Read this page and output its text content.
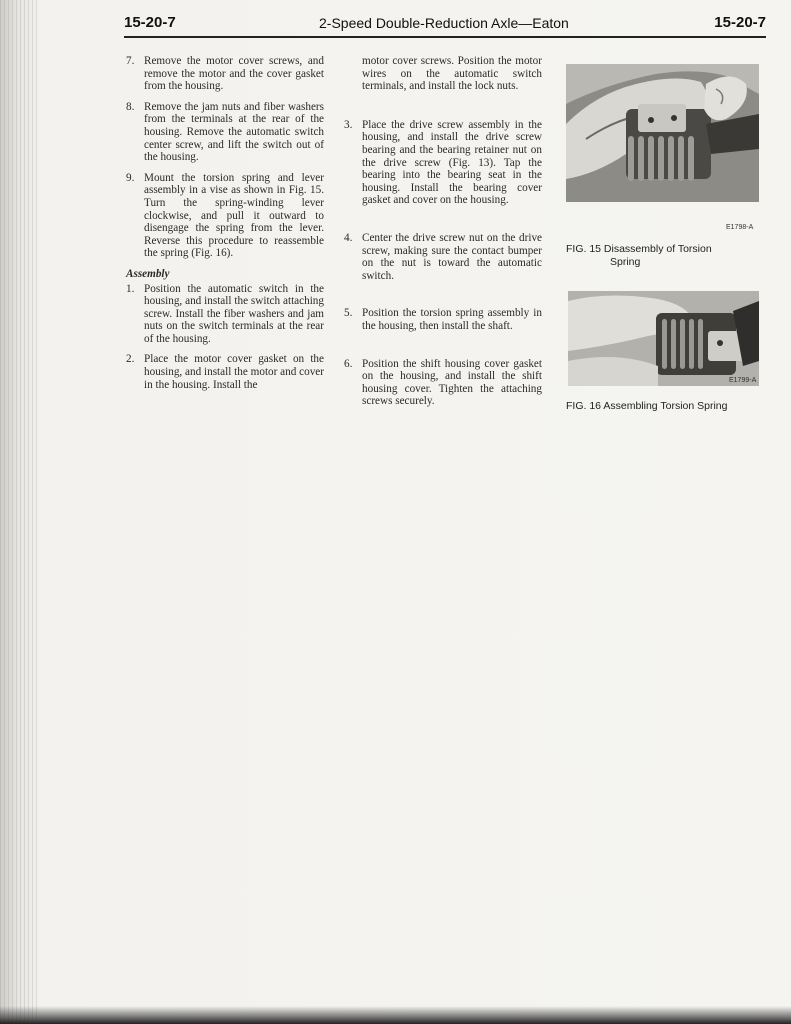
15-20-7	2-Speed Double-Reduction Axle—Eaton	15-20-7
7. Remove the motor cover screws, and remove the motor and the cover gasket from the housing.
8. Remove the jam nuts and fiber washers from the terminals at the rear of the housing. Remove the automatic switch center screw, and lift the switch out of the housing.
9. Mount the torsion spring and lever assembly in a vise as shown in Fig. 15. Turn the spring-winding lever clockwise, and pull it outward to disengage the spring from the lever. Reverse this procedure to reassemble the spring (Fig. 16).
Assembly
1. Position the automatic switch in the housing, and install the switch attaching screw. Install the fiber washers and jam nuts on the switch terminals at the rear of the housing.
2. Place the motor cover gasket on the housing, and install the motor and cover in the housing. Install the
motor cover screws. Position the motor wires on the automatic switch terminals, and install the lock nuts.
3. Place the drive screw assembly in the housing, and install the drive screw bearing and the bearing retainer nut on the drive screw (Fig. 13). Tap the bearing into the bearing seat in the housing. Install the bearing cover gasket and cover on the housing.
4. Center the drive screw nut on the drive screw, making sure the contact bumper on the nut is toward the automatic switch.
5. Position the torsion spring assembly in the housing, then install the shaft.
6. Position the shift housing cover gasket on the housing, and install the shift housing cover. Tighten the attaching screws securely.
E1798-A
FIG. 15 Disassembly of Torsion
Spring
E1799-A
FIG. 16 Assembling Torsion Spring
